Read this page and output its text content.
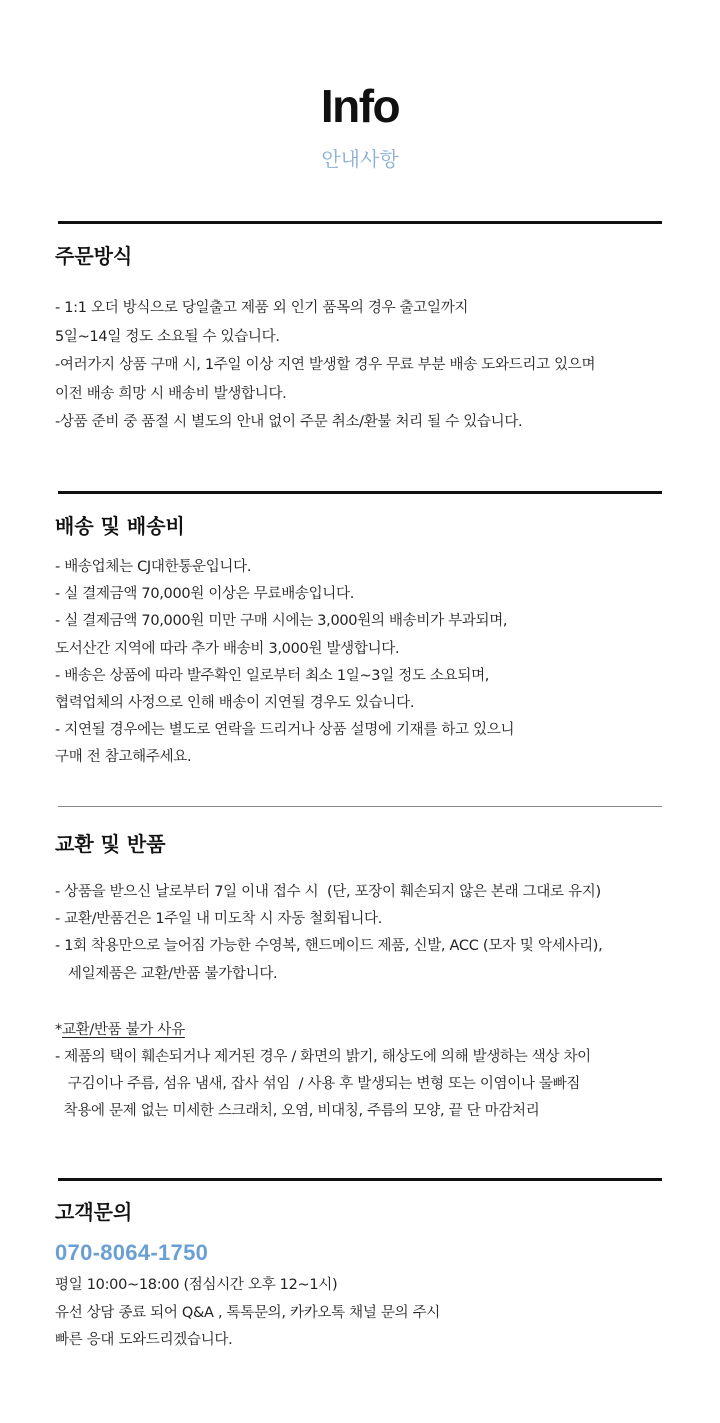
Info
안내사항
주문방식
- 1:1 오더 방식으로 당일출고 제품 외 인기 품목의 경우 출고일까지
5일~14일 정도 소요될 수 있습니다.
-여러가지 상품 구매 시, 1주일 이상 지연 발생할 경우 무료 부분 배송 도와드리고 있으며
이전 배송 희망 시 배송비 발생합니다.
-상품 준비 중 품절 시 별도의 안내 없이 주문 취소/환불 처리 될 수 있습니다.
배송 및 배송비
- 배송업체는 CJ대한통운입니다.
- 실 결제금액 70,000원 이상은 무료배송입니다.
- 실 결제금액 70,000원 미만 구매 시에는 3,000원의 배송비가 부과되며,
도서산간 지역에 따라 추가 배송비 3,000원 발생합니다.
- 배송은 상품에 따라 발주확인 일로부터 최소 1일~3일 정도 소요되며,
협력업체의 사정으로 인해 배송이 지연될 경우도 있습니다.
- 지연될 경우에는 별도로 연락을 드리거나 상품 설명에 기재를 하고 있으니
구매 전 참고해주세요.
교환 및 반품
- 상품을 받으신 날로부터 7일 이내 접수 시  (단, 포장이 훼손되지 않은 본래 그대로 유지)
- 교환/반품건은 1주일 내 미도착 시 자동 철회됩니다.
- 1회 착용만으로 늘어짐 가능한 수영복, 핸드메이드 제품, 신발, ACC (모자 및 악세사리),
세일제품은 교환/반품 불가합니다.
*교환/반품 불가 사유
- 제품의 택이 훼손되거나 제거된 경우 / 화면의 밝기, 해상도에 의해 발생하는 색상 차이
구김이나 주름, 섬유 냄새, 잡사 섞임  / 사용 후 발생되는 변형 또는 이염이나 물빠짐
착용에 문제 없는 미세한 스크래치, 오염, 비대칭, 주름의 모양, 끝 단 마감처리
고객문의
070-8064-1750
평일 10:00~18:00 (점심시간 오후 12~1시)
유선 상담 종료 되어 Q&A , 톡톡문의, 카카오톡 채널 문의 주시
빠른 응대 도와드리겠습니다.
